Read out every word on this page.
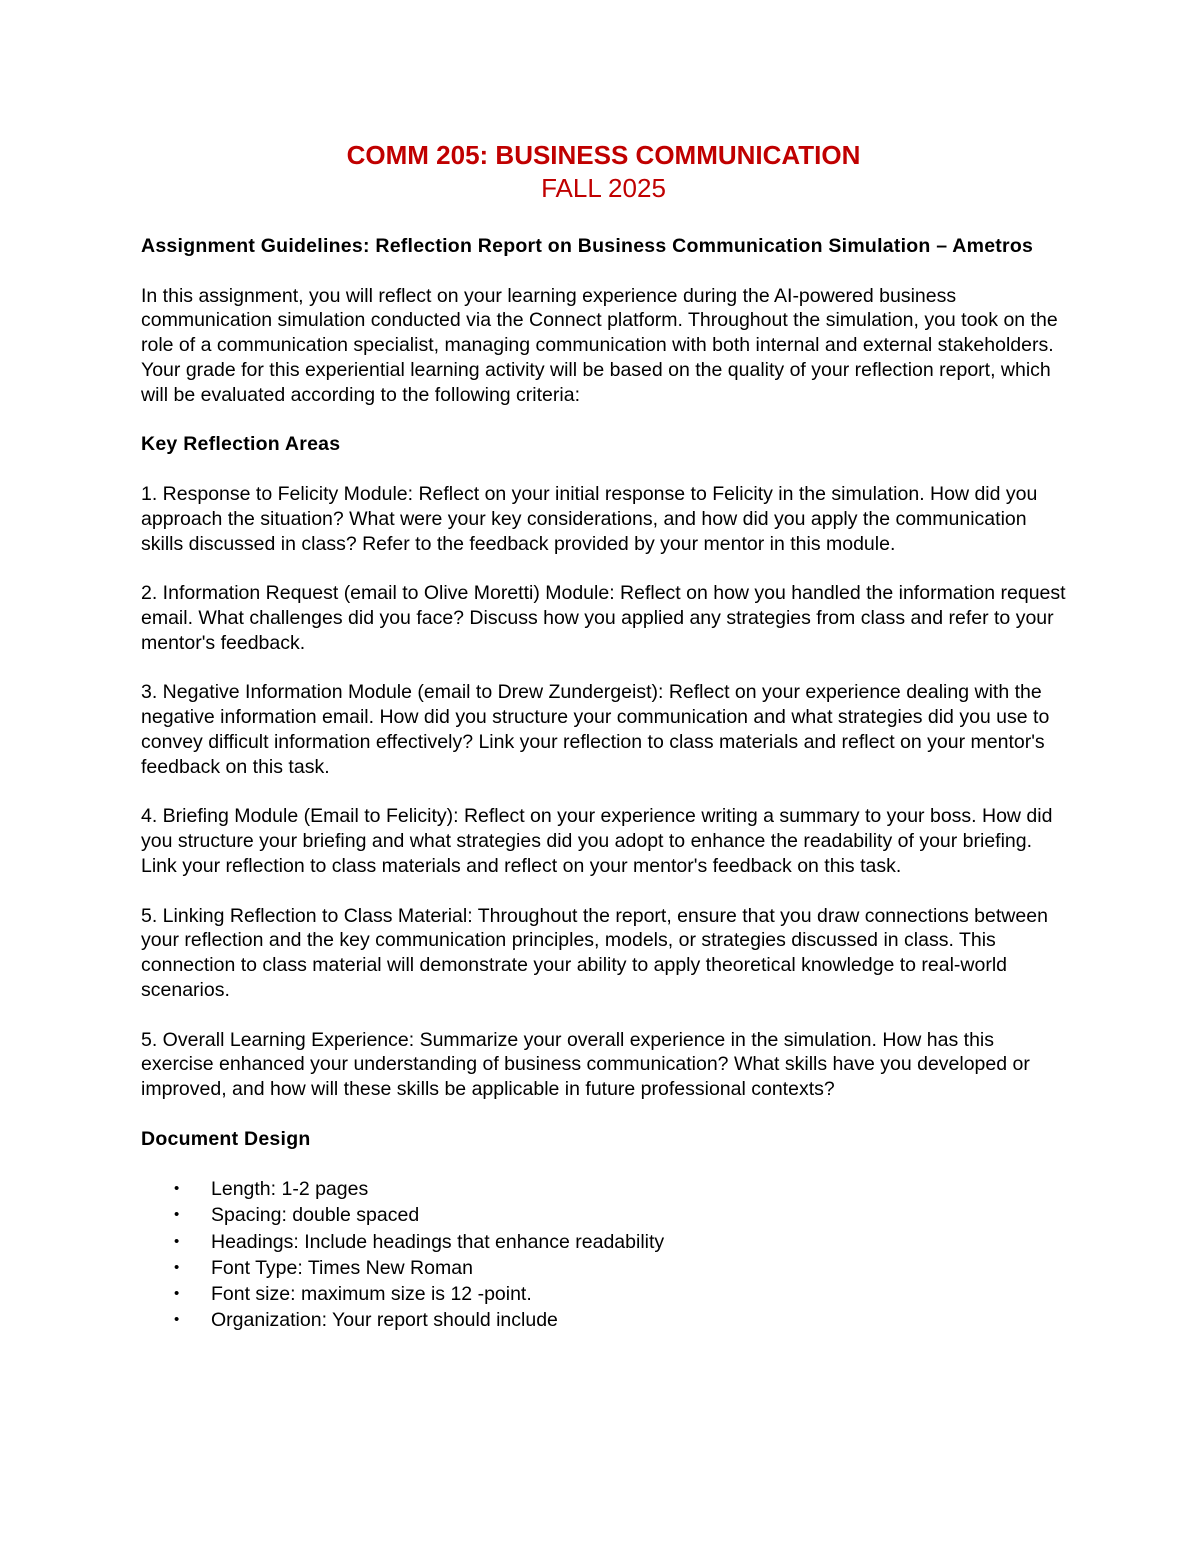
COMM 205: BUSINESS COMMUNICATION
FALL 2025
Assignment Guidelines: Reflection Report on Business Communication Simulation – Ametros

In this assignment, you will reflect on your learning experience during the AI-powered business communication simulation conducted via the Connect platform. Throughout the simulation, you took on the role of a communication specialist, managing communication with both internal and external stakeholders. Your grade for this experiential learning activity will be based on the quality of your reflection report, which will be evaluated according to the following criteria:

Key Reflection Areas

1. Response to Felicity Module: Reflect on your initial response to Felicity in the simulation. How did you approach the situation? What were your key considerations, and how did you apply the communication skills discussed in class? Refer to the feedback provided by your mentor in this module.

2. Information Request (email to Olive Moretti) Module: Reflect on how you handled the information request email. What challenges did you face? Discuss how you applied any strategies from class and refer to your mentor's feedback.

3. Negative Information Module (email to Drew Zundergeist): Reflect on your experience dealing with the negative information email. How did you structure your communication and what strategies did you use to convey difficult information effectively? Link your reflection to class materials and reflect on your mentor's feedback on this task.

4. Briefing Module (Email to Felicity): Reflect on your experience writing a summary to your boss. How did you structure your briefing and what strategies did you adopt to enhance the readability of your briefing. Link your reflection to class materials and reflect on your mentor's feedback on this task.

5. Linking Reflection to Class Material: Throughout the report, ensure that you draw connections between your reflection and the key communication principles, models, or strategies discussed in class. This connection to class material will demonstrate your ability to apply theoretical knowledge to real-world scenarios.

5. Overall Learning Experience: Summarize your overall experience in the simulation. How has this exercise enhanced your understanding of business communication? What skills have you developed or improved, and how will these skills be applicable in future professional contexts?

Document Design
• Length: 1-2 pages
• Spacing: double spaced
• Headings: Include headings that enhance readability
• Font Type: Times New Roman
• Font size: maximum size is 12 -point.
• Organization: Your report should include
